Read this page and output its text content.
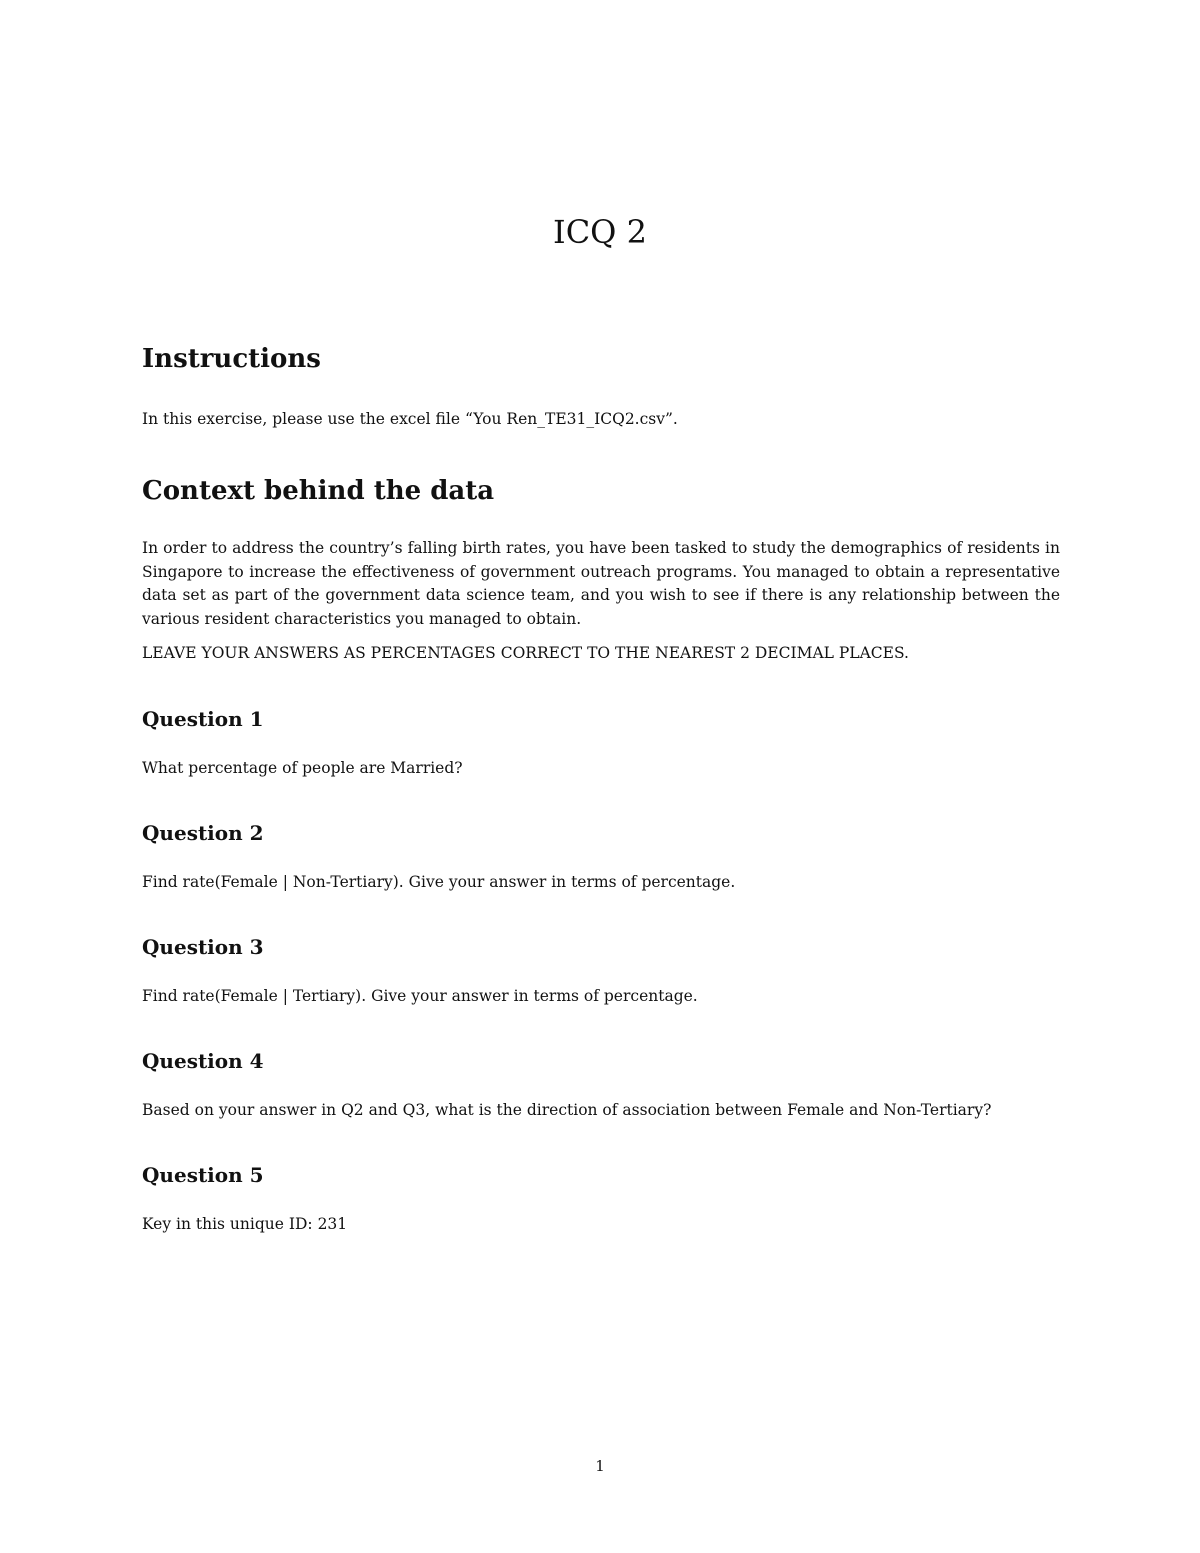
ICQ 2
Instructions

In this exercise, please use the excel file “You Ren_TE31_ICQ2.csv”.

Context behind the data

In order to address the country’s falling birth rates, you have been tasked to study the demographics of residents in Singapore to increase the effectiveness of government outreach programs. You managed to obtain a representative data set as part of the government data science team, and you wish to see if there is any relationship between the various resident characteristics you managed to obtain.

LEAVE YOUR ANSWERS AS PERCENTAGES CORRECT TO THE NEAREST 2 DECIMAL PLACES.

Question 1

What percentage of people are Married?

Question 2

Find rate(Female | Non-Tertiary). Give your answer in terms of percentage.

Question 3

Find rate(Female | Tertiary). Give your answer in terms of percentage.

Question 4

Based on your answer in Q2 and Q3, what is the direction of association between Female and Non-Tertiary?

Question 5

Key in this unique ID: 231

1
